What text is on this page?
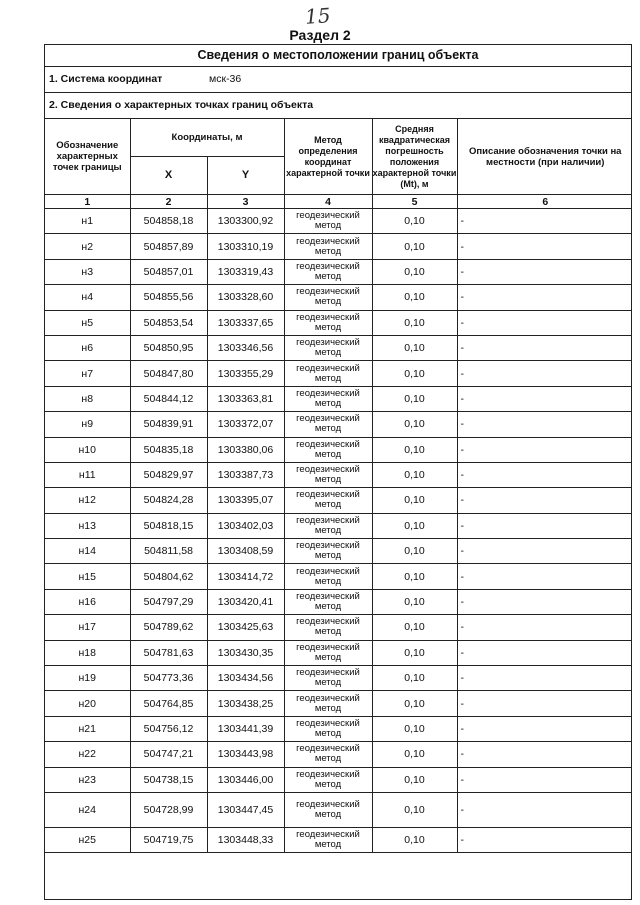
15
Раздел 2
Сведения о местоположении границ объекта
1. Система координат	мск-36
2. Сведения о характерных точках границ объекта
Обозначение характерных точек границы	Координаты, м		Метод определения координат характерной точки	Средняя квадратическая погрешность положения характерной точки (Mt), м	Описание обозначения точки на местности (при наличии)
	X	Y			
1	2	3	4	5	6
н1	504858,18	1303300,92	геодезический метод	0,10	-
н2	504857,89	1303310,19	геодезический метод	0,10	-
н3	504857,01	1303319,43	геодезический метод	0,10	-
н4	504855,56	1303328,60	геодезический метод	0,10	-
н5	504853,54	1303337,65	геодезический метод	0,10	-
н6	504850,95	1303346,56	геодезический метод	0,10	-
н7	504847,80	1303355,29	геодезический метод	0,10	-
н8	504844,12	1303363,81	геодезический метод	0,10	-
н9	504839,91	1303372,07	геодезический метод	0,10	-
н10	504835,18	1303380,06	геодезический метод	0,10	-
н11	504829,97	1303387,73	геодезический метод	0,10	-
н12	504824,28	1303395,07	геодезический метод	0,10	-
н13	504818,15	1303402,03	геодезический метод	0,10	-
н14	504811,58	1303408,59	геодезический метод	0,10	-
н15	504804,62	1303414,72	геодезический метод	0,10	-
н16	504797,29	1303420,41	геодезический метод	0,10	-
н17	504789,62	1303425,63	геодезический метод	0,10	-
н18	504781,63	1303430,35	геодезический метод	0,10	-
н19	504773,36	1303434,56	геодезический метод	0,10	-
н20	504764,85	1303438,25	геодезический метод	0,10	-
н21	504756,12	1303441,39	геодезический метод	0,10	-
н22	504747,21	1303443,98	геодезический метод	0,10	-
н23	504738,15	1303446,00	геодезический метод	0,10	-
н24	504728,99	1303447,45	геодезический метод	0,10	-
н25	504719,75	1303448,33	геодезический метод	0,10	-
